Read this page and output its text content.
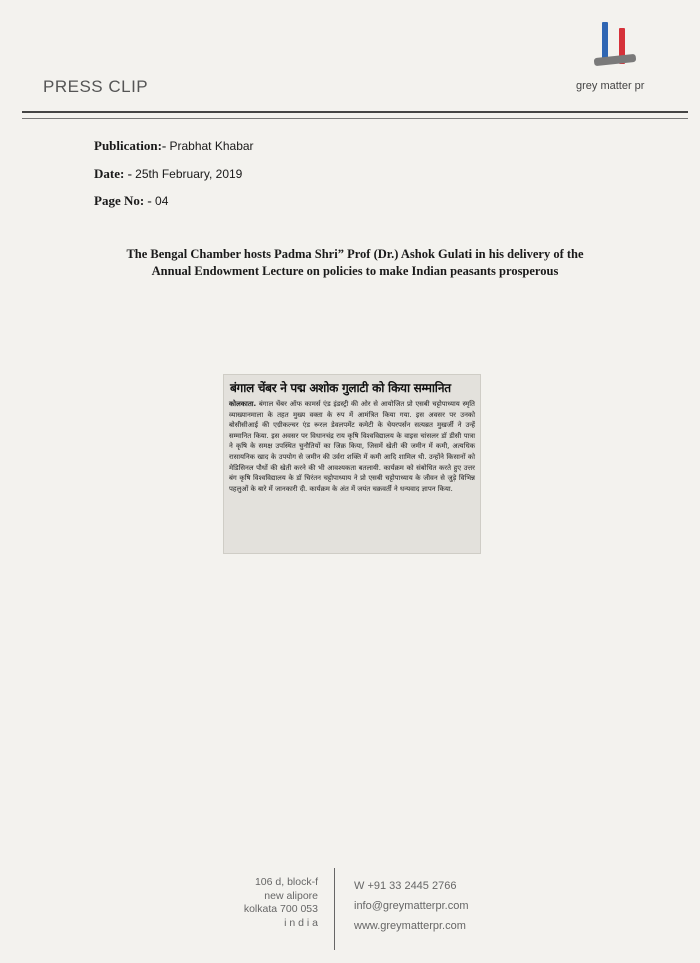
PRESS CLIP	grey matter pr
Publication:- Prabhat Khabar
Date: - 25th February, 2019
Page No: - 04
The Bengal Chamber hosts Padma Shri” Prof (Dr.) Ashok Gulati in his delivery of the
Annual Endowment Lecture on policies to make Indian peasants prosperous
बंगाल चेंबर ने पद्म अशोक गुलाटी को किया सम्मानित
कोलकाता. बंगाल चेंबर ऑफ कामर्स एंड इंडस्ट्री की ओर से आयोजित प्रो एसबी चट्टोपाध्याय स्मृति व्याख्यानमाला के तहत मुख्य वक्ता के रुप में आमंत्रित किया गया. इस अवसर पर उनको बोसीसीआई की एग्रीकल्चर एंड रूरल डेवलपमेंट कमेटी के चेयरपर्सन सत्यब्रत मुखर्जी ने उन्हें सम्मानित किया. इस अवसर पर विधानचंद्र राय कृषि विश्वविद्यालय के वाइस चांसलर डॉ डीसी पात्रा ने कृषि के समक्ष उपस्थित चुनौतियों का जिक्र किया, जिसमें खेती की जमीन में कमी, अत्यधिक रासायनिक खाद के उपयोग से जमीन की उर्वरा शक्ति में कमी आदि शामिल थी. उन्होंने किसानों को मेडिसिनल पौधों की खेती करने की भी आवश्यकता बतलायी. कार्यक्रम को संबोधित करते हुए उत्तर बंग कृषि विश्वविद्यालय के डॉ चिरंतन चट्टोपाध्याय ने प्रो एसबी चट्टोपाध्याय के जीवन से जुड़े विभिन्न पहलुओं के बारे में जानकारी दी. कार्यक्रम के अंत में जयंत चक्रवर्ती ने धन्यवाद ज्ञापन किया.
106 d, block-f
new alipore
kolkata 700 053
i n d i a
W +91 33 2445 2766
info@greymatterpr.com
www.greymatterpr.com
